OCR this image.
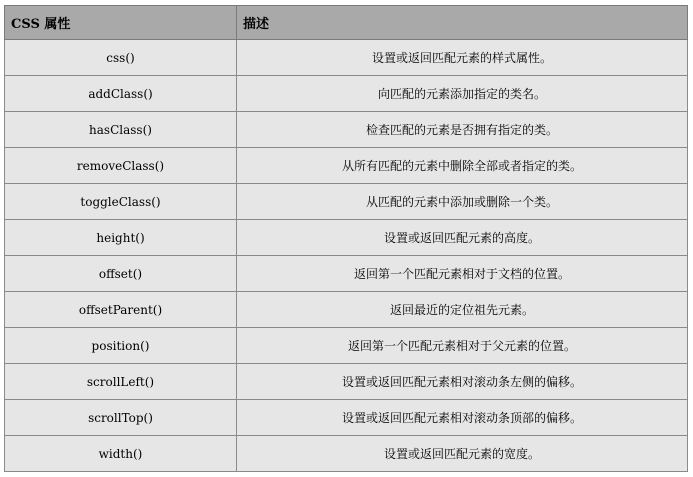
CSS 属性	描述
css()	设置或返回匹配元素的样式属性。
addClass()	向匹配的元素添加指定的类名。
hasClass()	检查匹配的元素是否拥有指定的类。
removeClass()	从所有匹配的元素中删除全部或者指定的类。
toggleClass()	从匹配的元素中添加或删除一个类。
height()	设置或返回匹配元素的高度。
offset()	返回第一个匹配元素相对于文档的位置。
offsetParent()	返回最近的定位祖先元素。
position()	返回第一个匹配元素相对于父元素的位置。
scrollLeft()	设置或返回匹配元素相对滚动条左侧的偏移。
scrollTop()	设置或返回匹配元素相对滚动条顶部的偏移。
width()	设置或返回匹配元素的宽度。
